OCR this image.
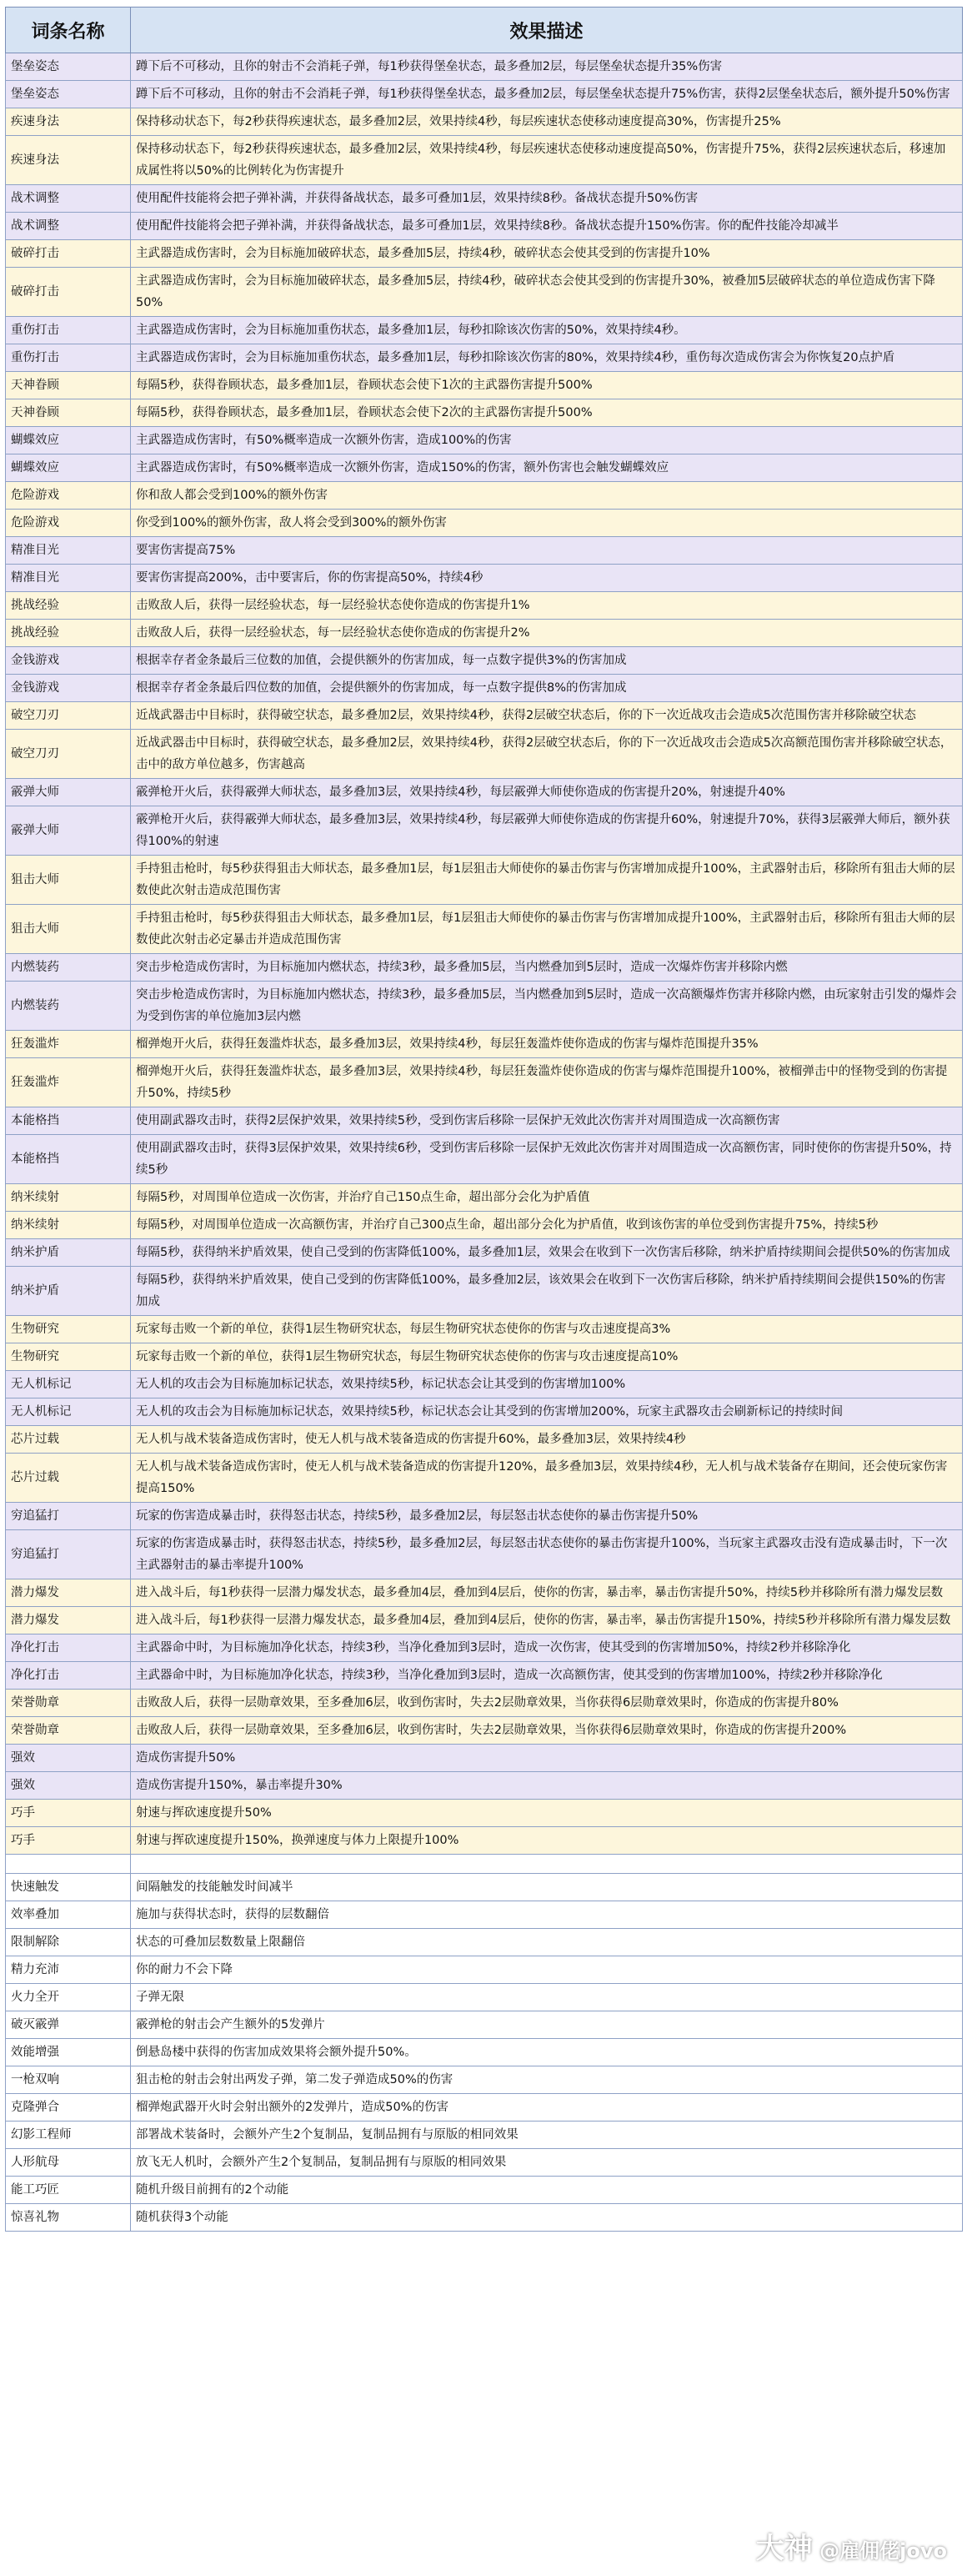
词条名称	效果描述
堡垒姿态	蹲下后不可移动，且你的射击不会消耗子弹，每1秒获得堡垒状态，最多叠加2层，每层堡垒状态提升35%伤害
堡垒姿态	蹲下后不可移动，且你的射击不会消耗子弹，每1秒获得堡垒状态，最多叠加2层，每层堡垒状态提升75%伤害，获得2层堡垒状态后，额外提升50%伤害
疾速身法	保持移动状态下，每2秒获得疾速状态，最多叠加2层，效果持续4秒，每层疾速状态使移动速度提高30%，伤害提升25%
疾速身法	保持移动状态下，每2秒获得疾速状态，最多叠加2层，效果持续4秒，每层疾速状态使移动速度提高50%，伤害提升75%，获得2层疾速状态后，移速加成属性将以50%的比例转化为伤害提升
战术调整	使用配件技能将会把子弹补满，并获得备战状态，最多可叠加1层，效果持续8秒。备战状态提升50%伤害
战术调整	使用配件技能将会把子弹补满，并获得备战状态，最多可叠加1层，效果持续8秒。备战状态提升150%伤害。你的配件技能冷却减半
破碎打击	主武器造成伤害时，会为目标施加破碎状态，最多叠加5层，持续4秒，破碎状态会使其受到的伤害提升10%
破碎打击	主武器造成伤害时，会为目标施加破碎状态，最多叠加5层，持续4秒，破碎状态会使其受到的伤害提升30%，被叠加5层破碎状态的单位造成伤害下降50%
重伤打击	主武器造成伤害时，会为目标施加重伤状态，最多叠加1层，每秒扣除该次伤害的50%，效果持续4秒。
重伤打击	主武器造成伤害时，会为目标施加重伤状态，最多叠加1层，每秒扣除该次伤害的80%，效果持续4秒，重伤每次造成伤害会为你恢复20点护盾
天神眷顾	每隔5秒，获得眷顾状态，最多叠加1层，眷顾状态会使下1次的主武器伤害提升500%
天神眷顾	每隔5秒，获得眷顾状态，最多叠加1层，眷顾状态会使下2次的主武器伤害提升500%
蝴蝶效应	主武器造成伤害时，有50%概率造成一次额外伤害，造成100%的伤害
蝴蝶效应	主武器造成伤害时，有50%概率造成一次额外伤害，造成150%的伤害，额外伤害也会触发蝴蝶效应
危险游戏	你和敌人都会受到100%的额外伤害
危险游戏	你受到100%的额外伤害，敌人将会受到300%的额外伤害
精准目光	要害伤害提高75%
精准目光	要害伤害提高200%，击中要害后，你的伤害提高50%，持续4秒
挑战经验	击败敌人后，获得一层经验状态，每一层经验状态使你造成的伤害提升1%
挑战经验	击败敌人后，获得一层经验状态，每一层经验状态使你造成的伤害提升2%
金钱游戏	根据幸存者金条最后三位数的加值，会提供额外的伤害加成，每一点数字提供3%的伤害加成
金钱游戏	根据幸存者金条最后四位数的加值，会提供额外的伤害加成，每一点数字提供8%的伤害加成
破空刀刃	近战武器击中目标时，获得破空状态，最多叠加2层，效果持续4秒，获得2层破空状态后，你的下一次近战攻击会造成5次范围伤害并移除破空状态
破空刀刃	近战武器击中目标时，获得破空状态，最多叠加2层，效果持续4秒，获得2层破空状态后，你的下一次近战攻击会造成5次高额范围伤害并移除破空状态，击中的敌方单位越多，伤害越高
霰弹大师	霰弹枪开火后，获得霰弹大师状态，最多叠加3层，效果持续4秒，每层霰弹大师使你造成的伤害提升20%，射速提升40%
霰弹大师	霰弹枪开火后，获得霰弹大师状态，最多叠加3层，效果持续4秒，每层霰弹大师使你造成的伤害提升60%，射速提升70%，获得3层霰弹大师后，额外获得100%的射速
狙击大师	手持狙击枪时，每5秒获得狙击大师状态，最多叠加1层，每1层狙击大师使你的暴击伤害与伤害增加成提升100%，主武器射击后，移除所有狙击大师的层数使此次射击造成范围伤害
狙击大师	手持狙击枪时，每5秒获得狙击大师状态，最多叠加1层，每1层狙击大师使你的暴击伤害与伤害增加成提升100%，主武器射击后，移除所有狙击大师的层数使此次射击必定暴击并造成范围伤害
内燃装药	突击步枪造成伤害时，为目标施加内燃状态，持续3秒，最多叠加5层，当内燃叠加到5层时，造成一次爆炸伤害并移除内燃
内燃装药	突击步枪造成伤害时，为目标施加内燃状态，持续3秒，最多叠加5层，当内燃叠加到5层时，造成一次高额爆炸伤害并移除内燃，由玩家射击引发的爆炸会为受到伤害的单位施加3层内燃
狂轰滥炸	榴弹炮开火后，获得狂轰滥炸状态，最多叠加3层，效果持续4秒，每层狂轰滥炸使你造成的伤害与爆炸范围提升35%
狂轰滥炸	榴弹炮开火后，获得狂轰滥炸状态，最多叠加3层，效果持续4秒，每层狂轰滥炸使你造成的伤害与爆炸范围提升100%，被榴弹击中的怪物受到的伤害提升50%，持续5秒
本能格挡	使用副武器攻击时，获得2层保护效果，效果持续5秒，受到伤害后移除一层保护无效此次伤害并对周围造成一次高额伤害
本能格挡	使用副武器攻击时，获得3层保护效果，效果持续6秒，受到伤害后移除一层保护无效此次伤害并对周围造成一次高额伤害，同时使你的伤害提升50%，持续5秒
纳米续射	每隔5秒，对周围单位造成一次伤害，并治疗自己150点生命，超出部分会化为护盾值
纳米续射	每隔5秒，对周围单位造成一次高额伤害，并治疗自己300点生命，超出部分会化为护盾值，收到该伤害的单位受到伤害提升75%，持续5秒
纳米护盾	每隔5秒，获得纳米护盾效果，使自己受到的伤害降低100%，最多叠加1层，效果会在收到下一次伤害后移除，纳米护盾持续期间会提供50%的伤害加成
纳米护盾	每隔5秒，获得纳米护盾效果，使自己受到的伤害降低100%，最多叠加2层，该效果会在收到下一次伤害后移除，纳米护盾持续期间会提供150%的伤害加成
生物研究	玩家每击败一个新的单位，获得1层生物研究状态，每层生物研究状态使你的伤害与攻击速度提高3%
生物研究	玩家每击败一个新的单位，获得1层生物研究状态，每层生物研究状态使你的伤害与攻击速度提高10%
无人机标记	无人机的攻击会为目标施加标记状态，效果持续5秒，标记状态会让其受到的伤害增加100%
无人机标记	无人机的攻击会为目标施加标记状态，效果持续5秒，标记状态会让其受到的伤害增加200%，玩家主武器攻击会刷新标记的持续时间
芯片过载	无人机与战术装备造成伤害时，使无人机与战术装备造成的伤害提升60%，最多叠加3层，效果持续4秒
芯片过载	无人机与战术装备造成伤害时，使无人机与战术装备造成的伤害提升120%，最多叠加3层，效果持续4秒，无人机与战术装备存在期间，还会使玩家伤害提高150%
穷追猛打	玩家的伤害造成暴击时，获得怒击状态，持续5秒，最多叠加2层，每层怒击状态使你的暴击伤害提升50%
穷追猛打	玩家的伤害造成暴击时，获得怒击状态，持续5秒，最多叠加2层，每层怒击状态使你的暴击伤害提升100%，当玩家主武器攻击没有造成暴击时，下一次主武器射击的暴击率提升100%
潜力爆发	进入战斗后，每1秒获得一层潜力爆发状态，最多叠加4层，叠加到4层后，使你的伤害，暴击率，暴击伤害提升50%，持续5秒并移除所有潜力爆发层数
潜力爆发	进入战斗后，每1秒获得一层潜力爆发状态，最多叠加4层，叠加到4层后，使你的伤害，暴击率，暴击伤害提升150%，持续5秒并移除所有潜力爆发层数
净化打击	主武器命中时，为目标施加净化状态，持续3秒，当净化叠加到3层时，造成一次伤害，使其受到的伤害增加50%，持续2秒并移除净化
净化打击	主武器命中时，为目标施加净化状态，持续3秒，当净化叠加到3层时，造成一次高额伤害，使其受到的伤害增加100%，持续2秒并移除净化
荣誉勋章	击败敌人后，获得一层勋章效果，至多叠加6层，收到伤害时，失去2层勋章效果，当你获得6层勋章效果时，你造成的伤害提升80%
荣誉勋章	击败敌人后，获得一层勋章效果，至多叠加6层，收到伤害时，失去2层勋章效果，当你获得6层勋章效果时，你造成的伤害提升200%
强效	造成伤害提升50%
强效	造成伤害提升150%，暴击率提升30%
巧手	射速与挥砍速度提升50%
巧手	射速与挥砍速度提升150%，换弹速度与体力上限提升100%

快速触发	间隔触发的技能触发时间减半
效率叠加	施加与获得状态时，获得的层数翻倍
限制解除	状态的可叠加层数数量上限翻倍
精力充沛	你的耐力不会下降
火力全开	子弹无限
破灭霰弹	霰弹枪的射击会产生额外的5发弹片
效能增强	倒悬岛楼中获得的伤害加成效果将会额外提升50%。
一枪双响	狙击枪的射击会射出两发子弹，第二发子弹造成50%的伤害
克隆弹合	榴弹炮武器开火时会射出额外的2发弹片，造成50%的伤害
幻影工程师	部署战术装备时，会额外产生2个复制品，复制品拥有与原版的相同效果
人形航母	放飞无人机时，会额外产生2个复制品，复制品拥有与原版的相同效果
能工巧匠	随机升级目前拥有的2个动能
惊喜礼物	随机获得3个动能
大神 @雇佣佬jovo
